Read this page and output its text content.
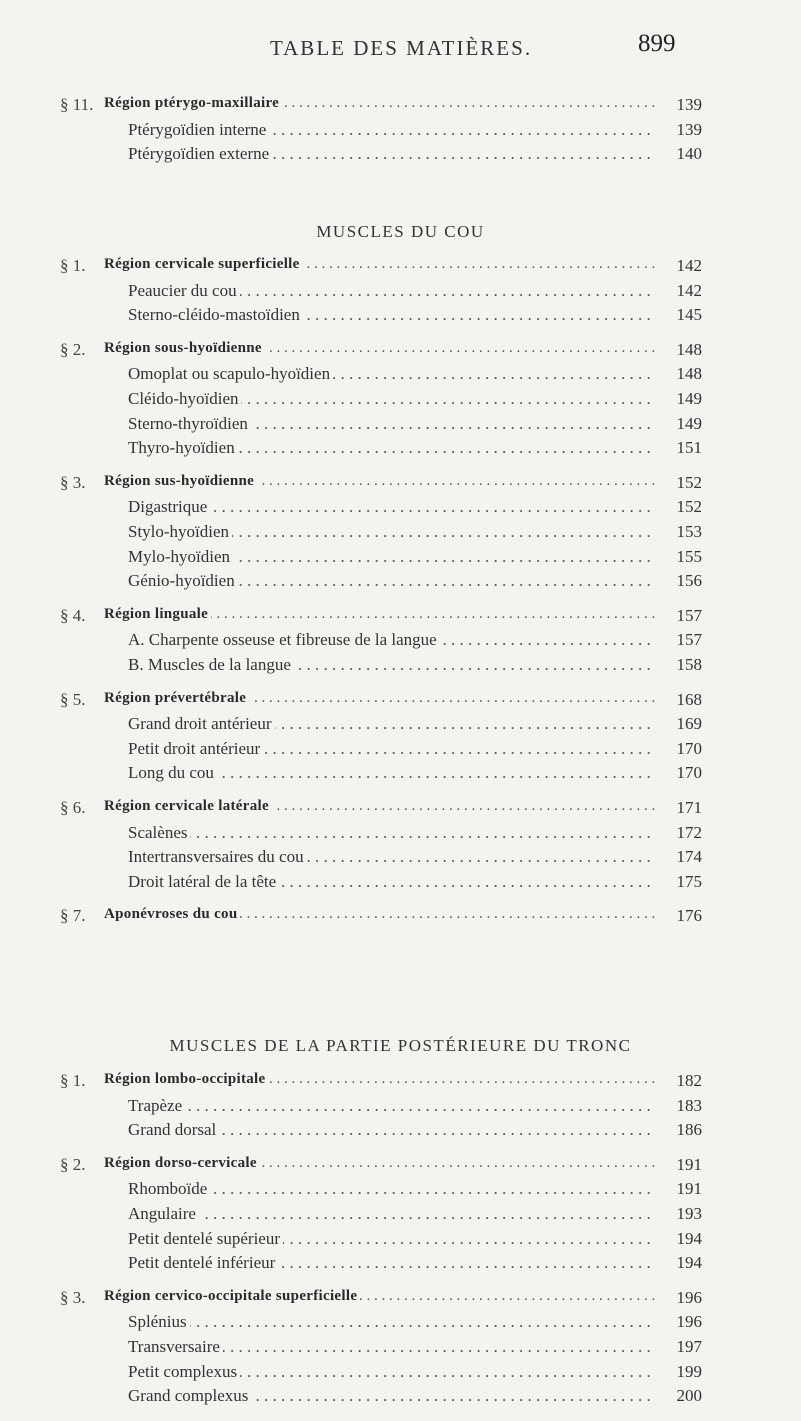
TABLE DES MATIÈRES.	899
§ 11. Région ptérygo-maxillaire . . .	139
Ptérygoïdien interne . . .	139
Ptérygoïdien externe . . .	140
MUSCLES DU COU
§ 1.	Région cervicale superficielle . . .	142
Peaucier du cou . . .	142
Sterno-cléido-mastoïdien . . .	145
§ 2.	Région sous-hyoïdienne . . .	148
Omoplat ou scapulo-hyoïdien . . .	148
Cléido-hyoïdien . . .	149
Sterno-thyroïdien . . .	149
Thyro-hyoïdien . . .	151
§ 3.	Région sus-hyoïdienne . . .	152
Digastrique . . .	152
Stylo-hyoïdien . . .	153
Mylo-hyoïdien . . .	155
Génio-hyoïdien . . .	156
§ 4.	Région linguale . . .	157
A. Charpente osseuse et fibreuse de la langue . . .	157
B. Muscles de la langue . . .	158
§ 5.	Région prévertébrale . . .	168
Grand droit antérieur . . .	169
Petit droit antérieur . . .	170
Long du cou . . .	170
§ 6.	Région cervicale latérale . . .	171
Scalènes . . .	172
Intertransversaires du cou . . .	174
Droit latéral de la tête . . .	175
§ 7.	Aponévroses du cou . . .	176
MUSCLES DE LA PARTIE POSTÉRIEURE DU TRONC
§ 1.	Région lombo-occipitale . . .	182
Trapèze . . .	183
Grand dorsal . . .	186
§ 2.	Région dorso-cervicale . . .	191
Rhomboïde . . .	191
Angulaire . . .	193
Petit dentelé supérieur . . .	194
Petit dentelé inférieur . . .	194
§ 3.	Région cervico-occipitale superficielle . . .	196
Splénius . . .	196
Transversaire . . .	197
Petit complexus . . .	199
Grand complexus . . .	200
